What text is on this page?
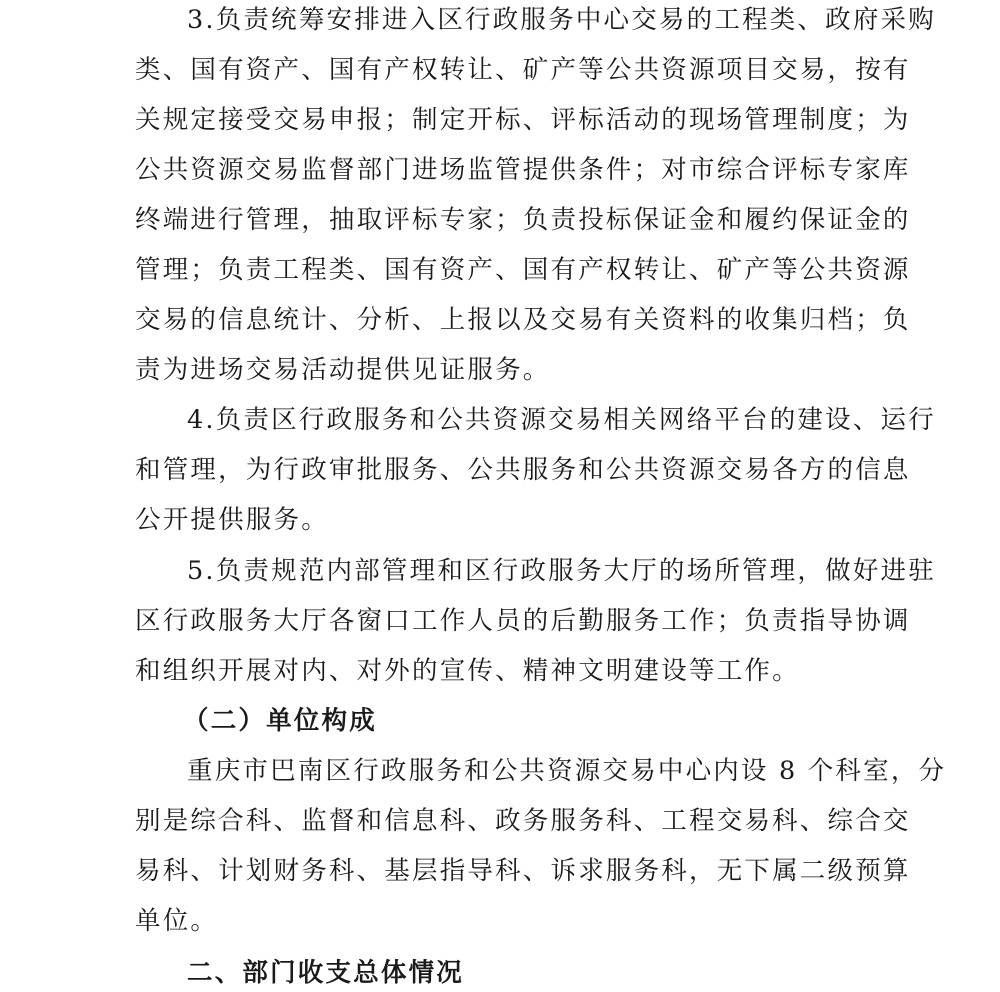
3.负责统筹安排进入区行政服务中心交易的工程类、政府采购
类、国有资产、国有产权转让、矿产等公共资源项目交易，按有
关规定接受交易申报；制定开标、评标活动的现场管理制度；为
公共资源交易监督部门进场监管提供条件；对市综合评标专家库
终端进行管理，抽取评标专家；负责投标保证金和履约保证金的
管理；负责工程类、国有资产、国有产权转让、矿产等公共资源
交易的信息统计、分析、上报以及交易有关资料的收集归档；负
责为进场交易活动提供见证服务。
4.负责区行政服务和公共资源交易相关网络平台的建设、运行
和管理，为行政审批服务、公共服务和公共资源交易各方的信息
公开提供服务。
5.负责规范内部管理和区行政服务大厅的场所管理，做好进驻
区行政服务大厅各窗口工作人员的后勤服务工作；负责指导协调
和组织开展对内、对外的宣传、精神文明建设等工作。
（二）单位构成
重庆市巴南区行政服务和公共资源交易中心内设 8 个科室，分
别是综合科、监督和信息科、政务服务科、工程交易科、综合交
易科、计划财务科、基层指导科、诉求服务科，无下属二级预算
单位。
二、部门收支总体情况
